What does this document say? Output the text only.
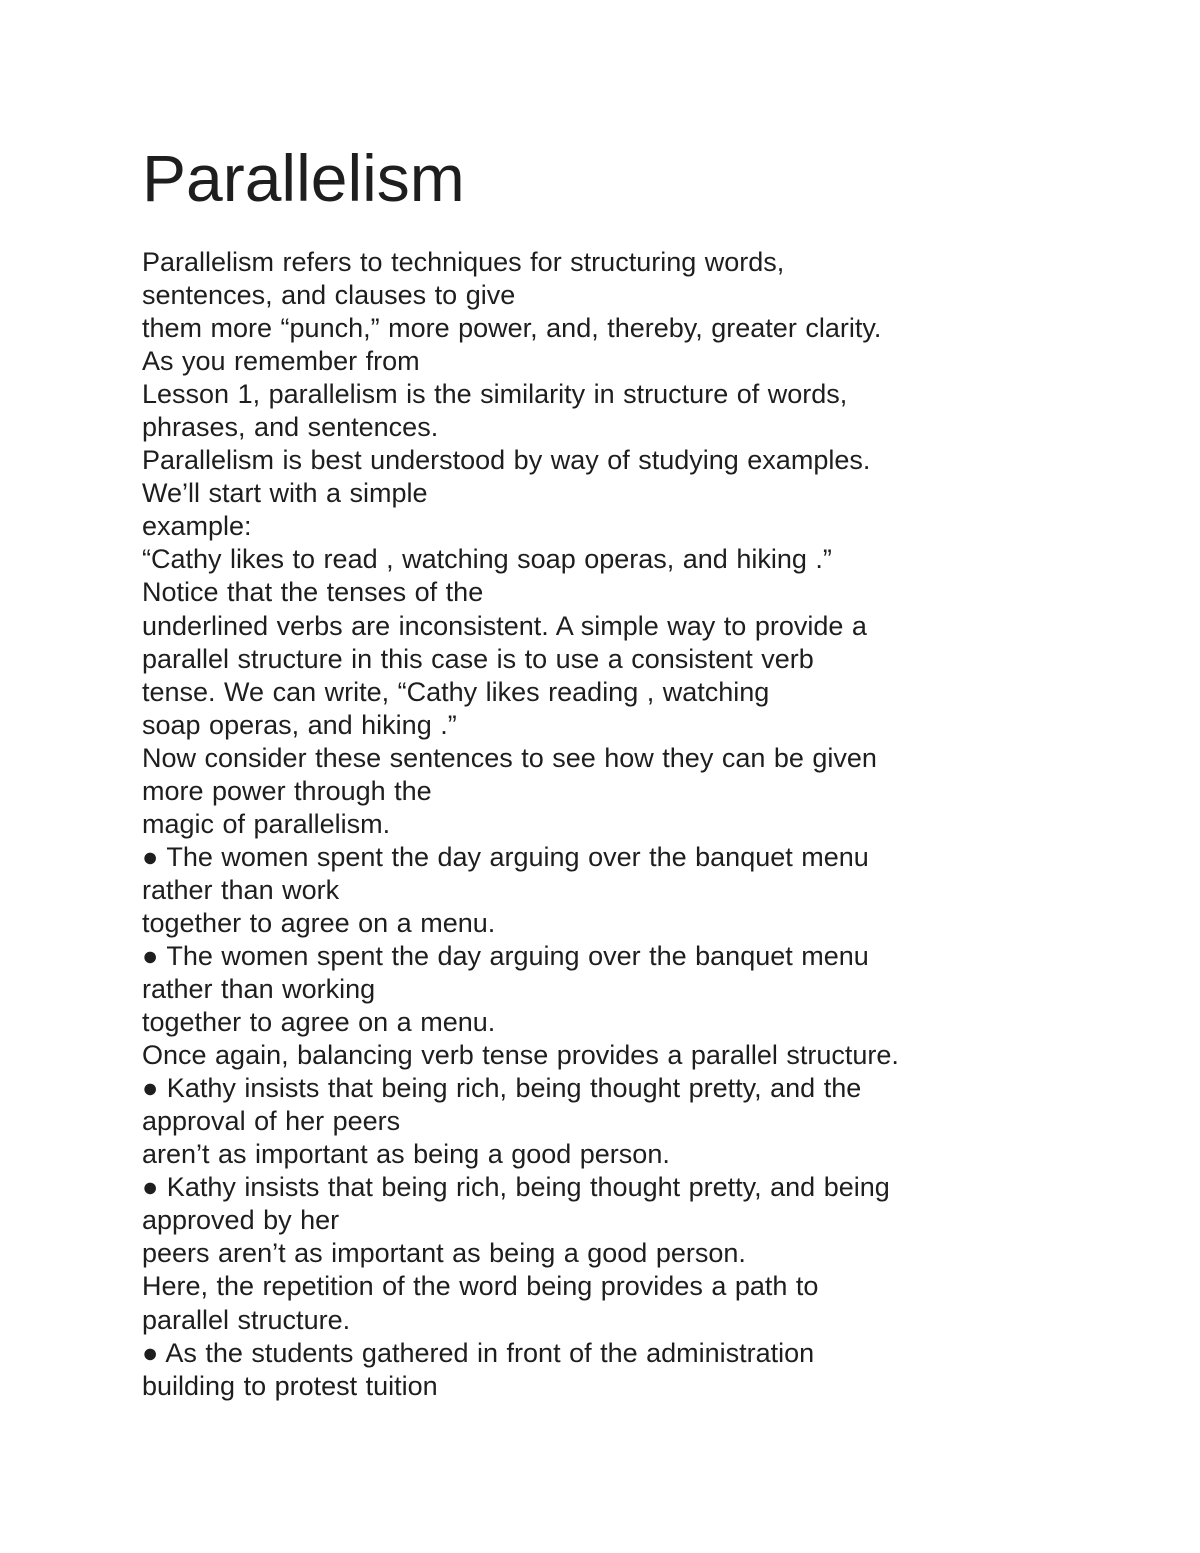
Parallelism
Parallelism refers to techniques for structuring words,
sentences, and clauses to give
them more “punch,” more power, and, thereby, greater clarity.
As you remember from
Lesson 1, parallelism is the similarity in structure of words,
phrases, and sentences.
Parallelism is best understood by way of studying examples.
We’ll start with a simple
example:
“Cathy likes to read , watching soap operas, and hiking .”
Notice that the tenses of the
underlined verbs are inconsistent. A simple way to provide a
parallel structure in this case is to use a consistent verb
tense. We can write, “Cathy likes reading , watching
soap operas, and hiking .”
Now consider these sentences to see how they can be given
more power through the
magic of parallelism.
● The women spent the day arguing over the banquet menu
rather than work
together to agree on a menu.
● The women spent the day arguing over the banquet menu
rather than working
together to agree on a menu.
Once again, balancing verb tense provides a parallel structure.
● Kathy insists that being rich, being thought pretty, and the
approval of her peers
aren’t as important as being a good person.
● Kathy insists that being rich, being thought pretty, and being
approved by her
peers aren’t as important as being a good person.
Here, the repetition of the word being provides a path to
parallel structure.
● As the students gathered in front of the administration
building to protest tuition
